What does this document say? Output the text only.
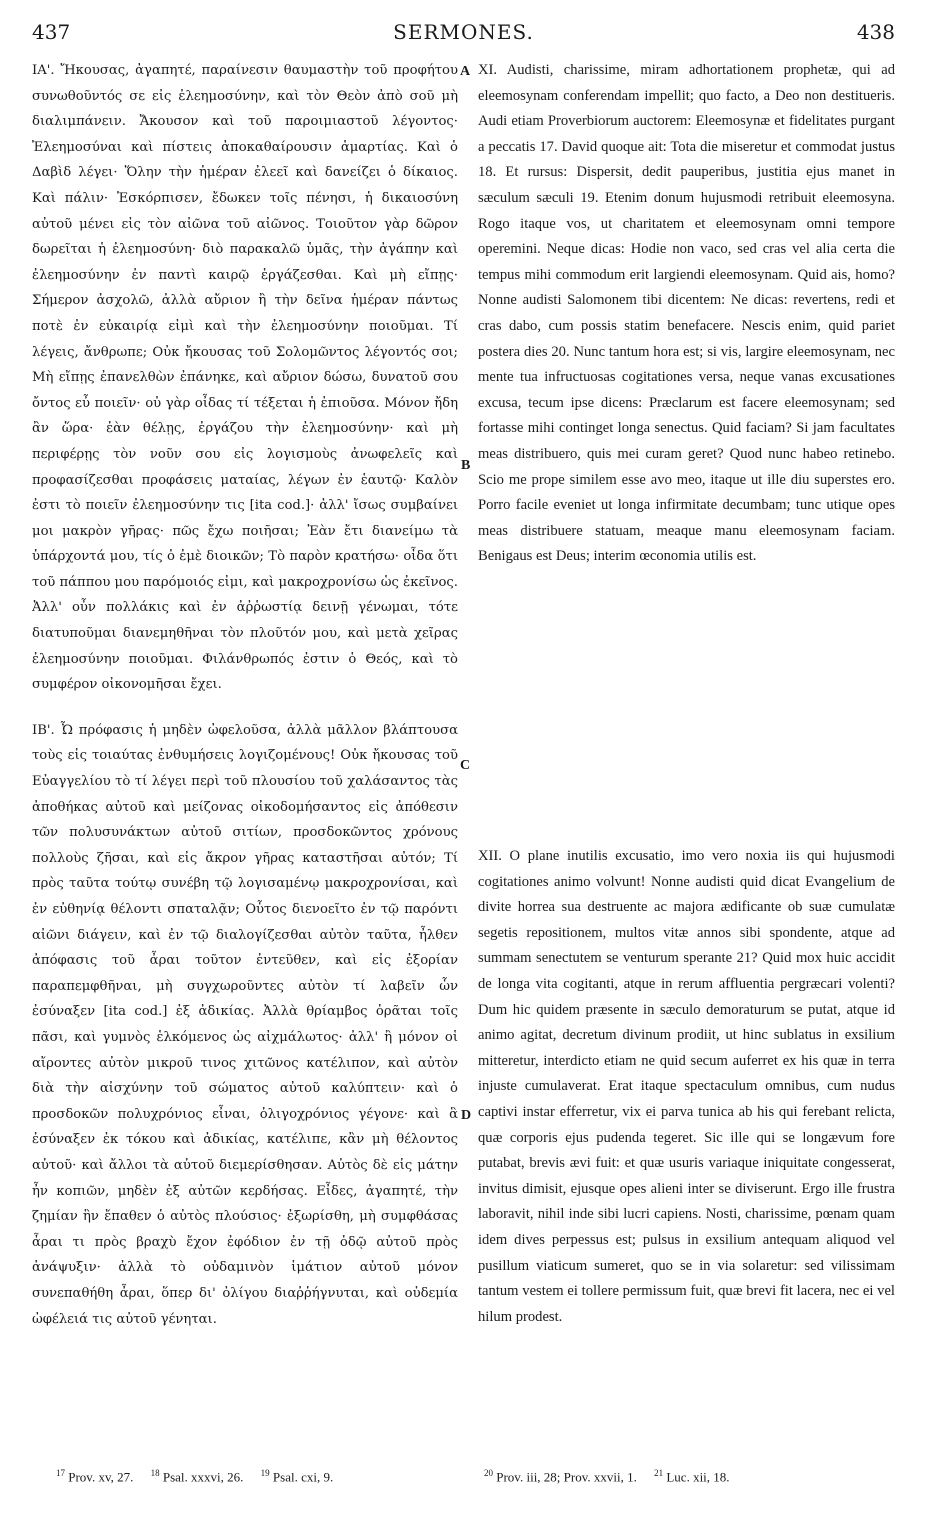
437	SERMONES.	438

ΙΑ'. Ἤκουσας, ἀγαπητέ, παραίνεσιν θαυμαστὴν τοῦ προφήτου συνωθοῦντός σε εἰς ἐλεημοσύνην, καὶ τὸν Θεὸν ἀπὸ σοῦ μὴ διαλιμπάνειν. Ἄκουσον καὶ τοῦ παροιμιαστοῦ λέγοντος· Ἐλεημοσύναι καὶ πίστεις ἀποκαθαίρουσιν ἁμαρτίας. Καὶ ὁ Δαβὶδ λέγει· Ὅλην τὴν ἡμέραν ἐλεεῖ καὶ δανείζει ὁ δίκαιος. Καὶ πάλιν· Ἐσκόρπισεν, ἔδωκεν τοῖς πένησι, ἡ δικαιοσύνη αὐτοῦ μένει εἰς τὸν αἰῶνα τοῦ αἰῶνος. Τοιοῦτον γὰρ δῶρον δωρεῖται ἡ ἐλεημοσύνη· διὸ παρακαλῶ ὑμᾶς, τὴν ἀγάπην καὶ ἐλεημοσύνην ἐν παντὶ καιρῷ ἐργάζεσθαι. Καὶ μὴ εἴπῃς· Σήμερον ἀσχολῶ, ἀλλὰ αὔριον ἢ τὴν δεῖνα ἡμέραν πάντως ποτὲ ἐν εὐκαιρίᾳ εἰμὶ καὶ τὴν ἐλεημοσύνην ποιοῦμαι. Τί λέγεις, ἄνθρωπε; Οὐκ ἤκουσας τοῦ Σολομῶντος λέγοντός σοι; Μὴ εἴπῃς ἐπανελθὼν ἐπάνηκε, καὶ αὔριον δώσω, δυνατοῦ σου ὄντος εὖ ποιεῖν· οὐ γὰρ οἶδας τί τέξεται ἡ ἐπιοῦσα. Μόνον ἤδη ἂν ὥρα· ἐὰν θέλῃς, ἐργάζου τὴν ἐλεημοσύνην· καὶ μὴ περιφέρῃς τὸν νοῦν σου εἰς λογισμοὺς ἀνωφελεῖς καὶ προφασίζεσθαι προφάσεις ματαίας, λέγων ἐν ἑαυτῷ· Καλὸν ἐστι τὸ ποιεῖν ἐλεημοσύνην τις [ita cod.]· ἀλλ' ἴσως συμβαίνει μοι μακρὸν γῆρας· πῶς ἔχω ποιῆσαι; Ἐὰν ἔτι διανείμω τὰ ὑπάρχοντά μου, τίς ὁ ἐμὲ διοικῶν; Τὸ παρὸν κρατήσω· οἶδα ὅτι τοῦ πάππου μου παρόμοιός εἰμι, καὶ μακροχρονίσω ὡς ἐκεῖνος. Ἀλλ' οὖν πολλάκις καὶ ἐν ἀῤῥωστίᾳ δεινῇ γένωμαι, τότε διατυποῦμαι διανεμηθῆναι τὸν πλοῦτόν μου, καὶ μετὰ χεῖρας ἐλεημοσύνην ποιοῦμαι. Φιλάνθρωπός ἐστιν ὁ Θεός, καὶ τὸ συμφέρον οἰκονομῆσαι ἔχει.

ΙΒ'. Ὦ πρόφασις ἡ μηδὲν ὠφελοῦσα, ἀλλὰ μᾶλλον βλάπτουσα τοὺς εἰς τοιαύτας ἐνθυμήσεις λογιζομένους! Οὐκ ἤκουσας τοῦ Εὐαγγελίου τὸ τί λέγει περὶ τοῦ πλουσίου τοῦ χαλάσαντος τὰς ἀποθήκας αὐτοῦ καὶ μείζονας οἰκοδομήσαντος εἰς ἀπόθεσιν τῶν πολυσυνάκτων αὐτοῦ σιτίων, προσδοκῶντος χρόνους πολλοὺς ζῆσαι, καὶ εἰς ἄκρον γῆρας καταστῆσαι αὐτόν; Τί πρὸς ταῦτα τούτῳ συνέβη τῷ λογισαμένῳ μακροχρονίσαι, καὶ ἐν εὐθηνίᾳ θέλοντι σπαταλᾷν; Οὗτος διενοεῖτο ἐν τῷ παρόντι αἰῶνι διάγειν, καὶ ἐν τῷ διαλογίζεσθαι αὐτὸν ταῦτα, ἦλθεν ἀπόφασις τοῦ ἆραι τοῦτον ἐντεῦθεν, καὶ εἰς ἐξορίαν παραπεμφθῆναι, μὴ συγχωροῦντες αὐτὸν τί λαβεῖν ὧν ἐσύναξεν [ita cod.] ἐξ ἀδικίας. Ἀλλὰ θρίαμβος ὁρᾶται τοῖς πᾶσι, καὶ γυμνὸς ἑλκόμενος ὡς αἰχμάλωτος· ἀλλ' ἢ μόνον οἱ αἴροντες αὐτὸν μικροῦ τινος χιτῶνος κατέλιπον, καὶ αὐτὸν διὰ τὴν αἰσχύνην τοῦ σώματος αὐτοῦ καλύπτειν· καὶ ὁ προσδοκῶν πολυχρόνιος εἶναι, ὀλιγοχρόνιος γέγονε· καὶ ἃ ἐσύναξεν ἐκ τόκου καὶ ἀδικίας, κατέλιπε, κἂν μὴ θέλοντος αὐτοῦ· καὶ ἄλλοι τὰ αὐτοῦ διεμερίσθησαν. Αὐτὸς δὲ εἰς μάτην ἦν κοπιῶν, μηδὲν ἐξ αὐτῶν κερδήσας. Εἶδες, ἀγαπητέ, τὴν ζημίαν ἣν ἔπαθεν ὁ αὐτὸς πλούσιος· ἐξωρίσθη, μὴ συμφθάσας ἆραι τι πρὸς βραχὺ ἔχον ἐφόδιον ἐν τῇ ὁδῷ αὐτοῦ πρὸς ἀνάψυξιν· ἀλλὰ τὸ οὐδαμινὸν ἱμάτιον αὐτοῦ μόνον συνεπαθήθη ἆραι, ὅπερ δι' ὀλίγου διαῤῥήγνυται, καὶ οὐδεμία ὠφέλειά τις αὐτοῦ γένηται.

A
B
C
D

XI. Audisti, charissime, miram adhortationem prophetæ, qui ad eleemosynam conferendam impellit; quo facto, a Deo non destitueris. Audi etiam Proverbiorum auctorem: Eleemosynæ et fidelitates purgant a peccatis 17. David quoque ait: Tota die miseretur et commodat justus 18. Et rursus: Dispersit, dedit pauperibus, justitia ejus manet in sæculum sæculi 19. Etenim donum hujusmodi retribuit eleemosyna. Rogo itaque vos, ut charitatem et eleemosynam omni tempore operemini. Neque dicas: Hodie non vaco, sed cras vel alia certa die tempus mihi commodum erit largiendi eleemosynam. Quid ais, homo? Nonne audisti Salomonem tibi dicentem: Ne dicas: revertens, redi et cras dabo, cum possis statim benefacere. Nescis enim, quid pariet postera dies 20. Nunc tantum hora est; si vis, largire eleemosynam, nec mente tua infructuosas cogitationes versa, neque vanas excusationes excusa, tecum ipse dicens: Præclarum est facere eleemosynam; sed fortasse mihi continget longa senectus. Quid faciam? Si jam facultates meas distribuero, quis mei curam geret? Quod nunc habeo retinebo. Scio me prope similem esse avo meo, itaque ut ille diu superstes ero. Porro facile eveniet ut longa infirmitate decumbam; tunc utique opes meas distribuere statuam, meaque manu eleemosynam faciam. Benigaus est Deus; interim œconomia utilis est.

XII. O plane inutilis excusatio, imo vero noxia iis qui hujusmodi cogitationes animo volvunt! Nonne audisti quid dicat Evangelium de divite horrea sua destruente ac majora ædificante ob suæ cumulatæ segetis repositionem, multos vitæ annos sibi spondente, atque ad summam senectutem se venturum sperante 21? Quid mox huic accidit de longa vita cogitanti, atque in rerum affluentia pergræcari volenti? Dum hic quidem præsente in sæculo demoraturum se putat, atque id animo agitat, decretum divinum prodiit, ut hinc sublatus in exsilium mitteretur, interdicto etiam ne quid secum auferret ex his quæ in terra injuste cumulaverat. Erat itaque spectaculum omnibus, cum nudus captivi instar efferretur, vix ei parva tunica ab his qui ferebant relicta, quæ corporis ejus pudenda tegeret. Sic ille qui se longævum fore putabat, brevis ævi fuit: et quæ usuris variaque iniquitate congesserat, invitus dimisit, ejusque opes alieni inter se diviserunt. Ergo ille frustra laboravit, nihil inde sibi lucri capiens. Nosti, charissime, pœnam quam idem dives perpessus est; pulsus in exsilium antequam aliquod vel pusillum viaticum sumeret, quo se in via solaretur: sed vilissimam tantum vestem ei tollere permissum fuit, quæ brevi fit lacera, nec ei vel hilum prodest.

$^{17}$ Prov. xv, 27. $^{18}$ Psal. xxxvi, 26. $^{19}$ Psal. cxi, 9.	$^{20}$ Prov. iii, 28; Prov. xxvii, 1. $^{21}$ Luc. xii, 18.
